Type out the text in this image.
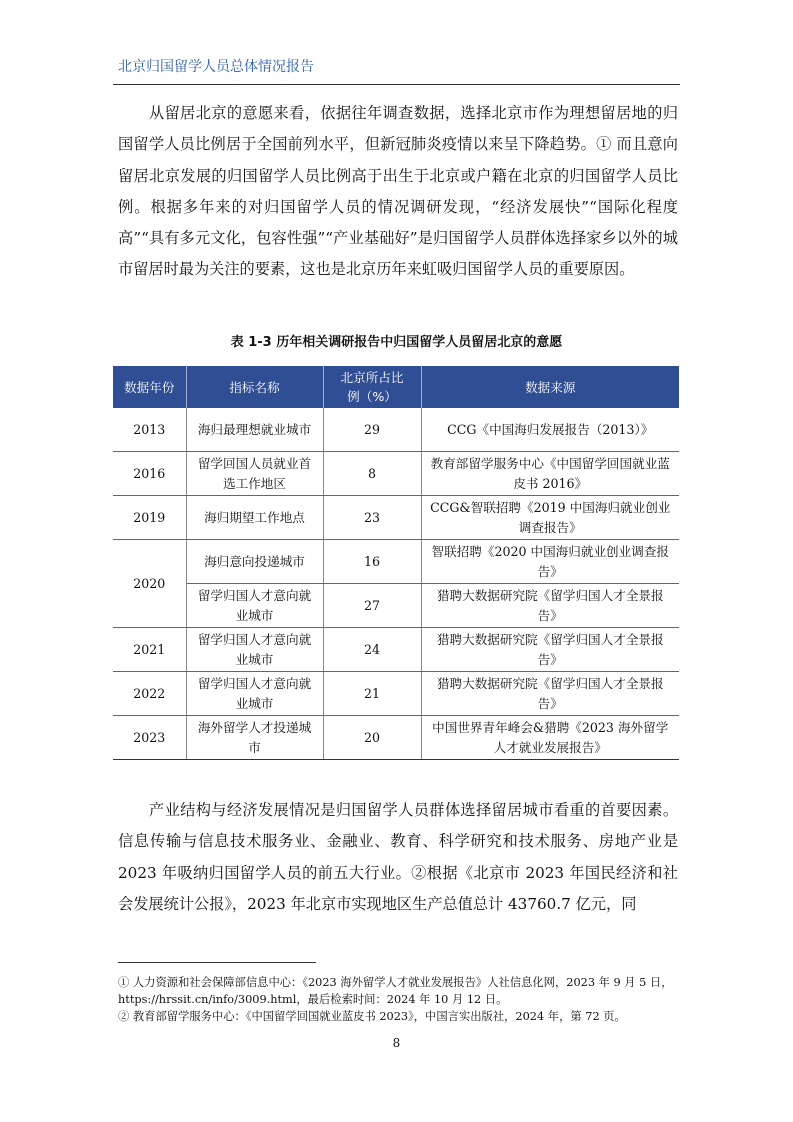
北京归国留学人员总体情况报告

从留居北京的意愿来看，依据往年调查数据，选择北京市作为理想留居地的归国留学人员比例居于全国前列水平，但新冠肺炎疫情以来呈下降趋势。① 而且意向留居北京发展的归国留学人员比例高于出生于北京或户籍在北京的归国留学人员比例。根据多年来的对归国留学人员的情况调研发现，“经济发展快”“国际化程度高”“具有多元文化，包容性强”“产业基础好”是归国留学人员群体选择家乡以外的城市留居时最为关注的要素，这也是北京历年来虹吸归国留学人员的重要原因。

表 1-3 历年相关调研报告中归国留学人员留居北京的意愿
数据年份	指标名称	北京所占比例（%）	数据来源
2013	海归最理想就业城市	29	CCG《中国海归发展报告（2013）》
2016	留学回国人员就业首选工作地区	8	教育部留学服务中心《中国留学回国就业蓝皮书 2016》
2019	海归期望工作地点	23	CCG&智联招聘《2019 中国海归就业创业调查报告》
2020	海归意向投递城市	16	智联招聘《2020 中国海归就业创业调查报告》
	留学归国人才意向就业城市	27	猎聘大数据研究院《留学归国人才全景报告》
2021	留学归国人才意向就业城市	24	猎聘大数据研究院《留学归国人才全景报告》
2022	留学归国人才意向就业城市	21	猎聘大数据研究院《留学归国人才全景报告》
2023	海外留学人才投递城市	20	中国世界青年峰会&猎聘《2023 海外留学人才就业发展报告》

产业结构与经济发展情况是归国留学人员群体选择留居城市看重的首要因素。信息传输与信息技术服务业、金融业、教育、科学研究和技术服务、房地产业是 2023 年吸纳归国留学人员的前五大行业。②根据《北京市 2023 年国民经济和社会发展统计公报》，2023 年北京市实现地区生产总值总计 43760.7 亿元，同

① 人力资源和社会保障部信息中心：《2023 海外留学人才就业发展报告》人社信息化网，2023 年 9 月 5 日，https://hrssit.cn/info/3009.html，最后检索时间：2024 年 10 月 12 日。

② 教育部留学服务中心：《中国留学回国就业蓝皮书 2023》，中国言实出版社，2024 年，第 72 页。

8
